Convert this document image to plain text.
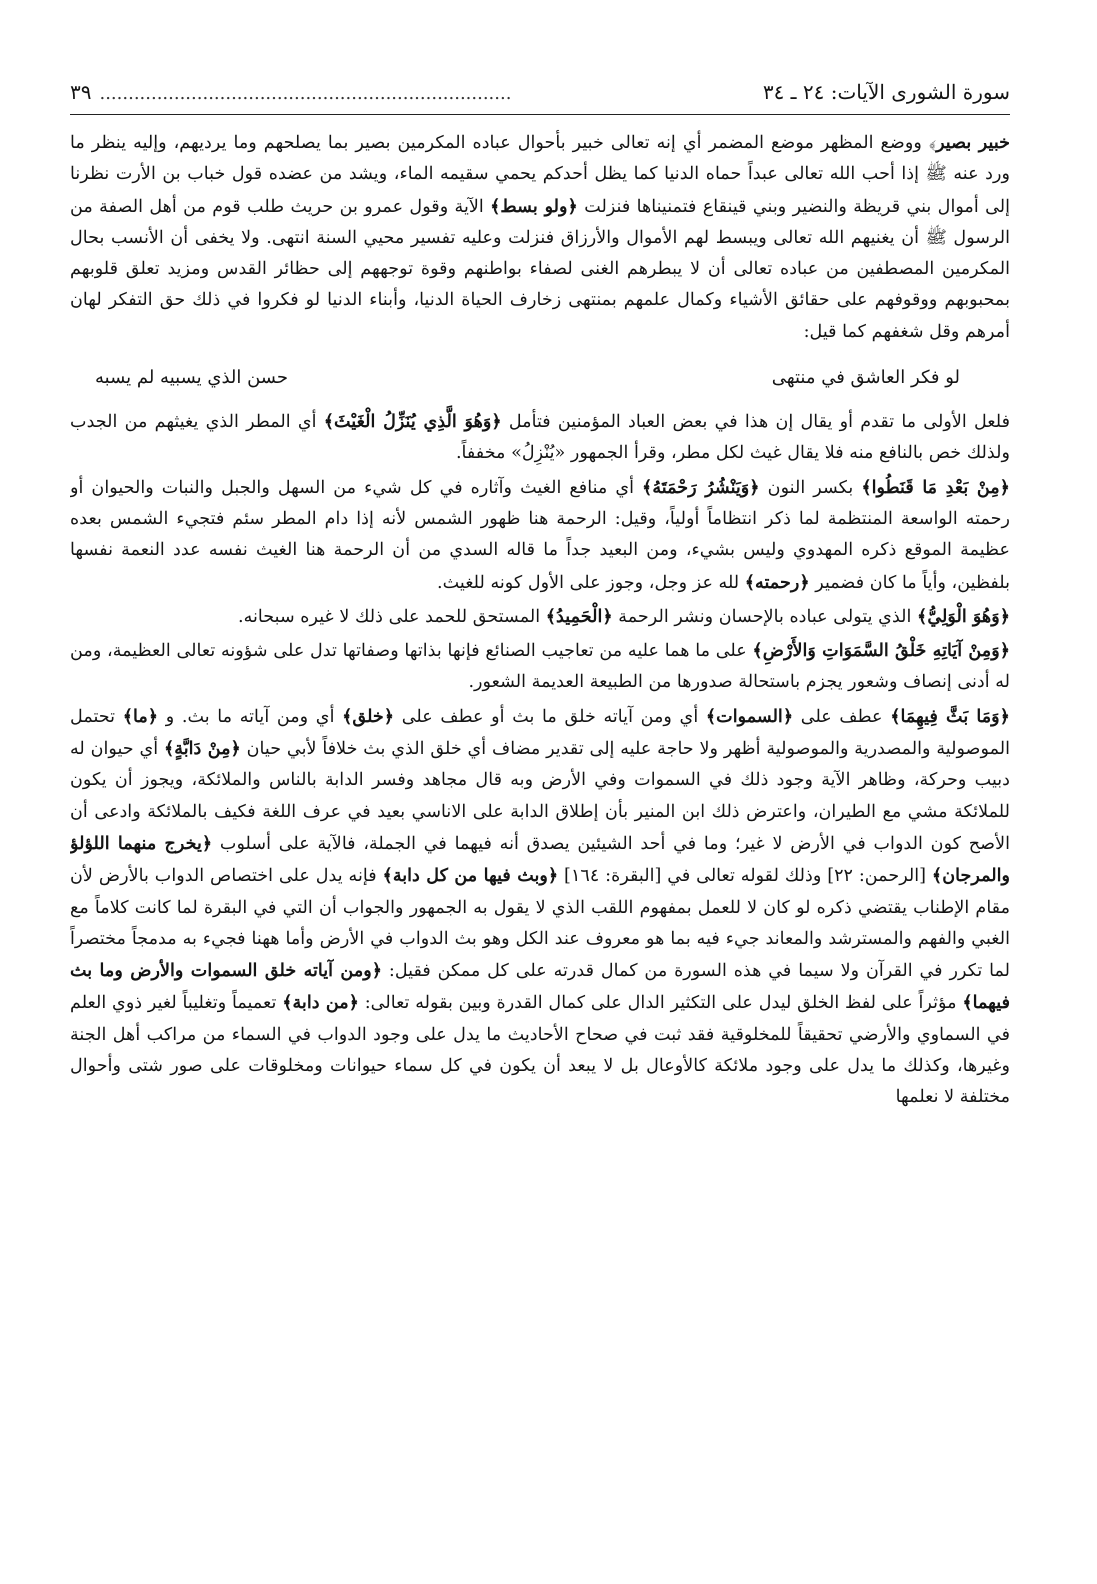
سورة الشورى الآيات: ٢٤ ـ ٣٤
........................................................................
٣٩

خبير بصير﴾ ووضع المظهر موضع المضمر أي إنه تعالى خبير بأحوال عباده المكرمين بصير بما يصلحهم وما يرديهم، وإليه ينظر ما ورد عنه ﷺ إذا أحب الله تعالى عبداً حماه الدنيا كما يظل أحدكم يحمي سقيمه الماء، ويشد من عضده قول خباب بن الأرت نظرنا إلى أموال بني قريظة والنضير وبني قينقاع فتمنيناها فنزلت ﴿ولو بسط﴾ الآية وقول عمرو بن حريث طلب قوم من أهل الصفة من الرسول ﷺ أن يغنيهم الله تعالى ويبسط لهم الأموال والأرزاق فنزلت وعليه تفسير محيي السنة انتهى. ولا يخفى أن الأنسب بحال المكرمين المصطفين من عباده تعالى أن لا يبطرهم الغنى لصفاء بواطنهم وقوة توجههم إلى حظائر القدس ومزيد تعلق قلوبهم بمحبوبهم ووقوفهم على حقائق الأشياء وكمال علمهم بمنتهى زخارف الحياة الدنيا، وأبناء الدنيا لو فكروا في ذلك حق التفكر لهان أمرهم وقل شغفهم كما قيل:

لو فكر العاشق في منتهى
حسن الذي يسبيه لم يسبه

فلعل الأولى ما تقدم أو يقال إن هذا في بعض العباد المؤمنين فتأمل ﴿وَهُوَ الَّذِي يُنَزِّلُ الْغَيْثَ﴾ أي المطر الذي يغيثهم من الجدب ولذلك خص بالنافع منه فلا يقال غيث لكل مطر، وقرأ الجمهور «يُنْزِلُ» مخففاً.

﴿مِنْ بَعْدِ مَا قَنَطُوا﴾ بكسر النون ﴿وَيَنْشُرُ رَحْمَتَهُ﴾ أي منافع الغيث وآثاره في كل شيء من السهل والجبل والنبات والحيوان أو رحمته الواسعة المنتظمة لما ذكر انتظاماً أولياً، وقيل: الرحمة هنا ظهور الشمس لأنه إذا دام المطر سئم فتجيء الشمس بعده عظيمة الموقع ذكره المهدوي وليس بشيء، ومن البعيد جداً ما قاله السدي من أن الرحمة هنا الغيث نفسه عدد النعمة نفسها بلفظين، وأياً ما كان فضمير ﴿رحمته﴾ لله عز وجل، وجوز على الأول كونه للغيث.

﴿وَهُوَ الْوَلِيُّ﴾ الذي يتولى عباده بالإحسان ونشر الرحمة ﴿الْحَمِيدُ﴾ المستحق للحمد على ذلك لا غيره سبحانه.

﴿وَمِنْ آيَاتِهِ خَلْقُ السَّمَوَاتِ وَالأَرْضِ﴾ على ما هما عليه من تعاجيب الصنائع فإنها بذاتها وصفاتها تدل على شؤونه تعالى العظيمة، ومن له أدنى إنصاف وشعور يجزم باستحالة صدورها من الطبيعة العديمة الشعور.

﴿وَمَا بَثَّ فِيهِمَا﴾ عطف على ﴿السموات﴾ أي ومن آياته خلق ما بث أو عطف على ﴿خلق﴾ أي ومن آياته ما بث. و ﴿ما﴾ تحتمل الموصولية والمصدرية والموصولية أظهر ولا حاجة عليه إلى تقدير مضاف أي خلق الذي بث خلافاً لأبي حيان ﴿مِنْ دَابَّةٍ﴾ أي حيوان له دبيب وحركة، وظاهر الآية وجود ذلك في السموات وفي الأرض وبه قال مجاهد وفسر الدابة بالناس والملائكة، ويجوز أن يكون للملائكة مشي مع الطيران، واعترض ذلك ابن المنير بأن إطلاق الدابة على الاناسي بعيد في عرف اللغة فكيف بالملائكة وادعى أن الأصح كون الدواب في الأرض لا غير؛ وما في أحد الشيئين يصدق أنه فيهما في الجملة، فالآية على أسلوب ﴿يخرج منهما اللؤلؤ والمرجان﴾ [الرحمن: ٢٢] وذلك لقوله تعالى في [البقرة: ١٦٤] ﴿وبث فيها من كل دابة﴾ فإنه يدل على اختصاص الدواب بالأرض لأن مقام الإطناب يقتضي ذكره لو كان لا للعمل بمفهوم اللقب الذي لا يقول به الجمهور والجواب أن التي في البقرة لما كانت كلاماً مع الغبي والفهم والمسترشد والمعاند جيء فيه بما هو معروف عند الكل وهو بث الدواب في الأرض وأما ههنا فجيء به مدمجاً مختصراً لما تكرر في القرآن ولا سيما في هذه السورة من كمال قدرته على كل ممكن فقيل: ﴿ومن آياته خلق السموات والأرض وما بث فيهما﴾ مؤثراً على لفظ الخلق ليدل على التكثير الدال على كمال القدرة وبين بقوله تعالى: ﴿من دابة﴾ تعميماً وتغليباً لغير ذوي العلم في السماوي والأرضي تحقيقاً للمخلوقية فقد ثبت في صحاح الأحاديث ما يدل على وجود الدواب في السماء من مراكب أهل الجنة وغيرها، وكذلك ما يدل على وجود ملائكة كالأوعال بل لا يبعد أن يكون في كل سماء حيوانات ومخلوقات على صور شتى وأحوال مختلفة لا نعلمها
